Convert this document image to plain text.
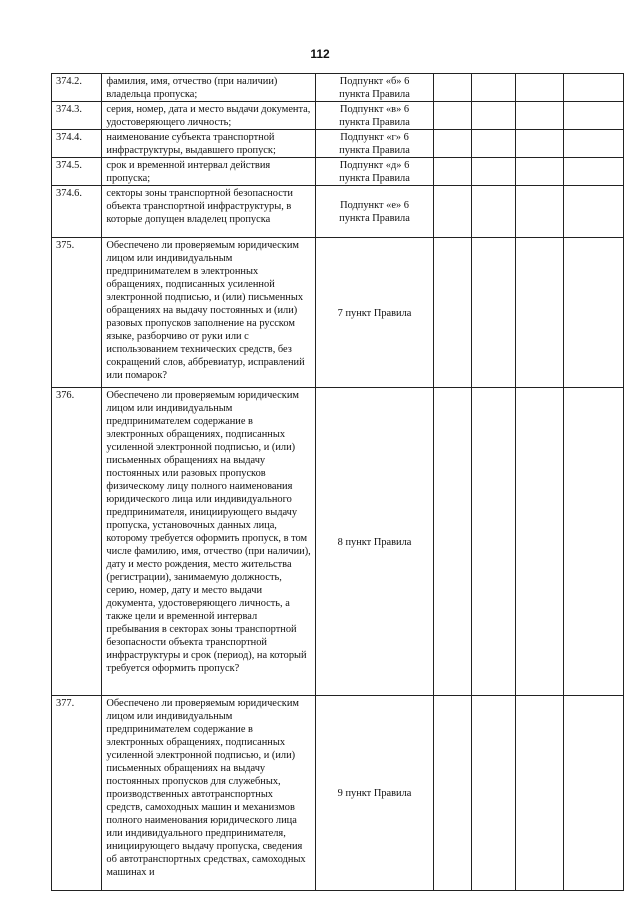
112
374.2.	фамилия, имя, отчество (при наличии) владельца пропуска;	Подпункт «б» 6
пункта Правила				
374.3.	серия, номер, дата и место выдачи документа, удостоверяющего личность;	Подпункт «в» 6
пункта Правила				
374.4.	наименование субъекта транспортной инфраструктуры, выдавшего пропуск;	Подпункт «г» 6
пункта Правила				
374.5.	срок и временной интервал действия пропуска;	Подпункт «д» 6
пункта Правила				
374.6.	секторы зоны транспортной безопасности объекта транспортной инфраструктуры, в которые допущен владелец пропуска	Подпункт «е» 6
пункта Правила				
375.	Обеспечено ли проверяемым юридическим лицом или индивидуальным предпринимателем в электронных обращениях, подписанных усиленной электронной подписью, и (или) письменных обращениях на выдачу постоянных и (или) разовых пропусков заполнение на русском языке, разборчиво от руки или с использованием технических средств, без сокращений слов, аббревиатур, исправлений или помарок?	7 пункт Правила				
376.	Обеспечено ли проверяемым юридическим лицом или индивидуальным предпринимателем содержание в электронных обращениях, подписанных усиленной электронной подписью, и (или) письменных обращениях на выдачу постоянных или разовых пропусков физическому лицу полного наименования юридического лица или индивидуального предпринимателя, инициирующего выдачу пропуска, установочных данных лица, которому требуется оформить пропуск, в том числе фамилию, имя, отчество (при наличии), дату и место рождения, место жительства (регистрации), занимаемую должность, серию, номер, дату и место выдачи документа, удостоверяющего личность, а также цели и временной интервал пребывания в секторах зоны транспортной безопасности объекта транспортной инфраструктуры и срок (период), на который требуется оформить пропуск?	8 пункт Правила				
377.	Обеспечено ли проверяемым юридическим лицом или индивидуальным предпринимателем содержание в электронных обращениях, подписанных усиленной электронной подписью, и (или) письменных обращениях на выдачу постоянных пропусков для служебных, производственных автотранспортных средств, самоходных машин и механизмов полного наименования юридического лица или индивидуального предпринимателя, инициирующего выдачу пропуска, сведения об автотранспортных средствах, самоходных машинах и	9 пункт Правила				
